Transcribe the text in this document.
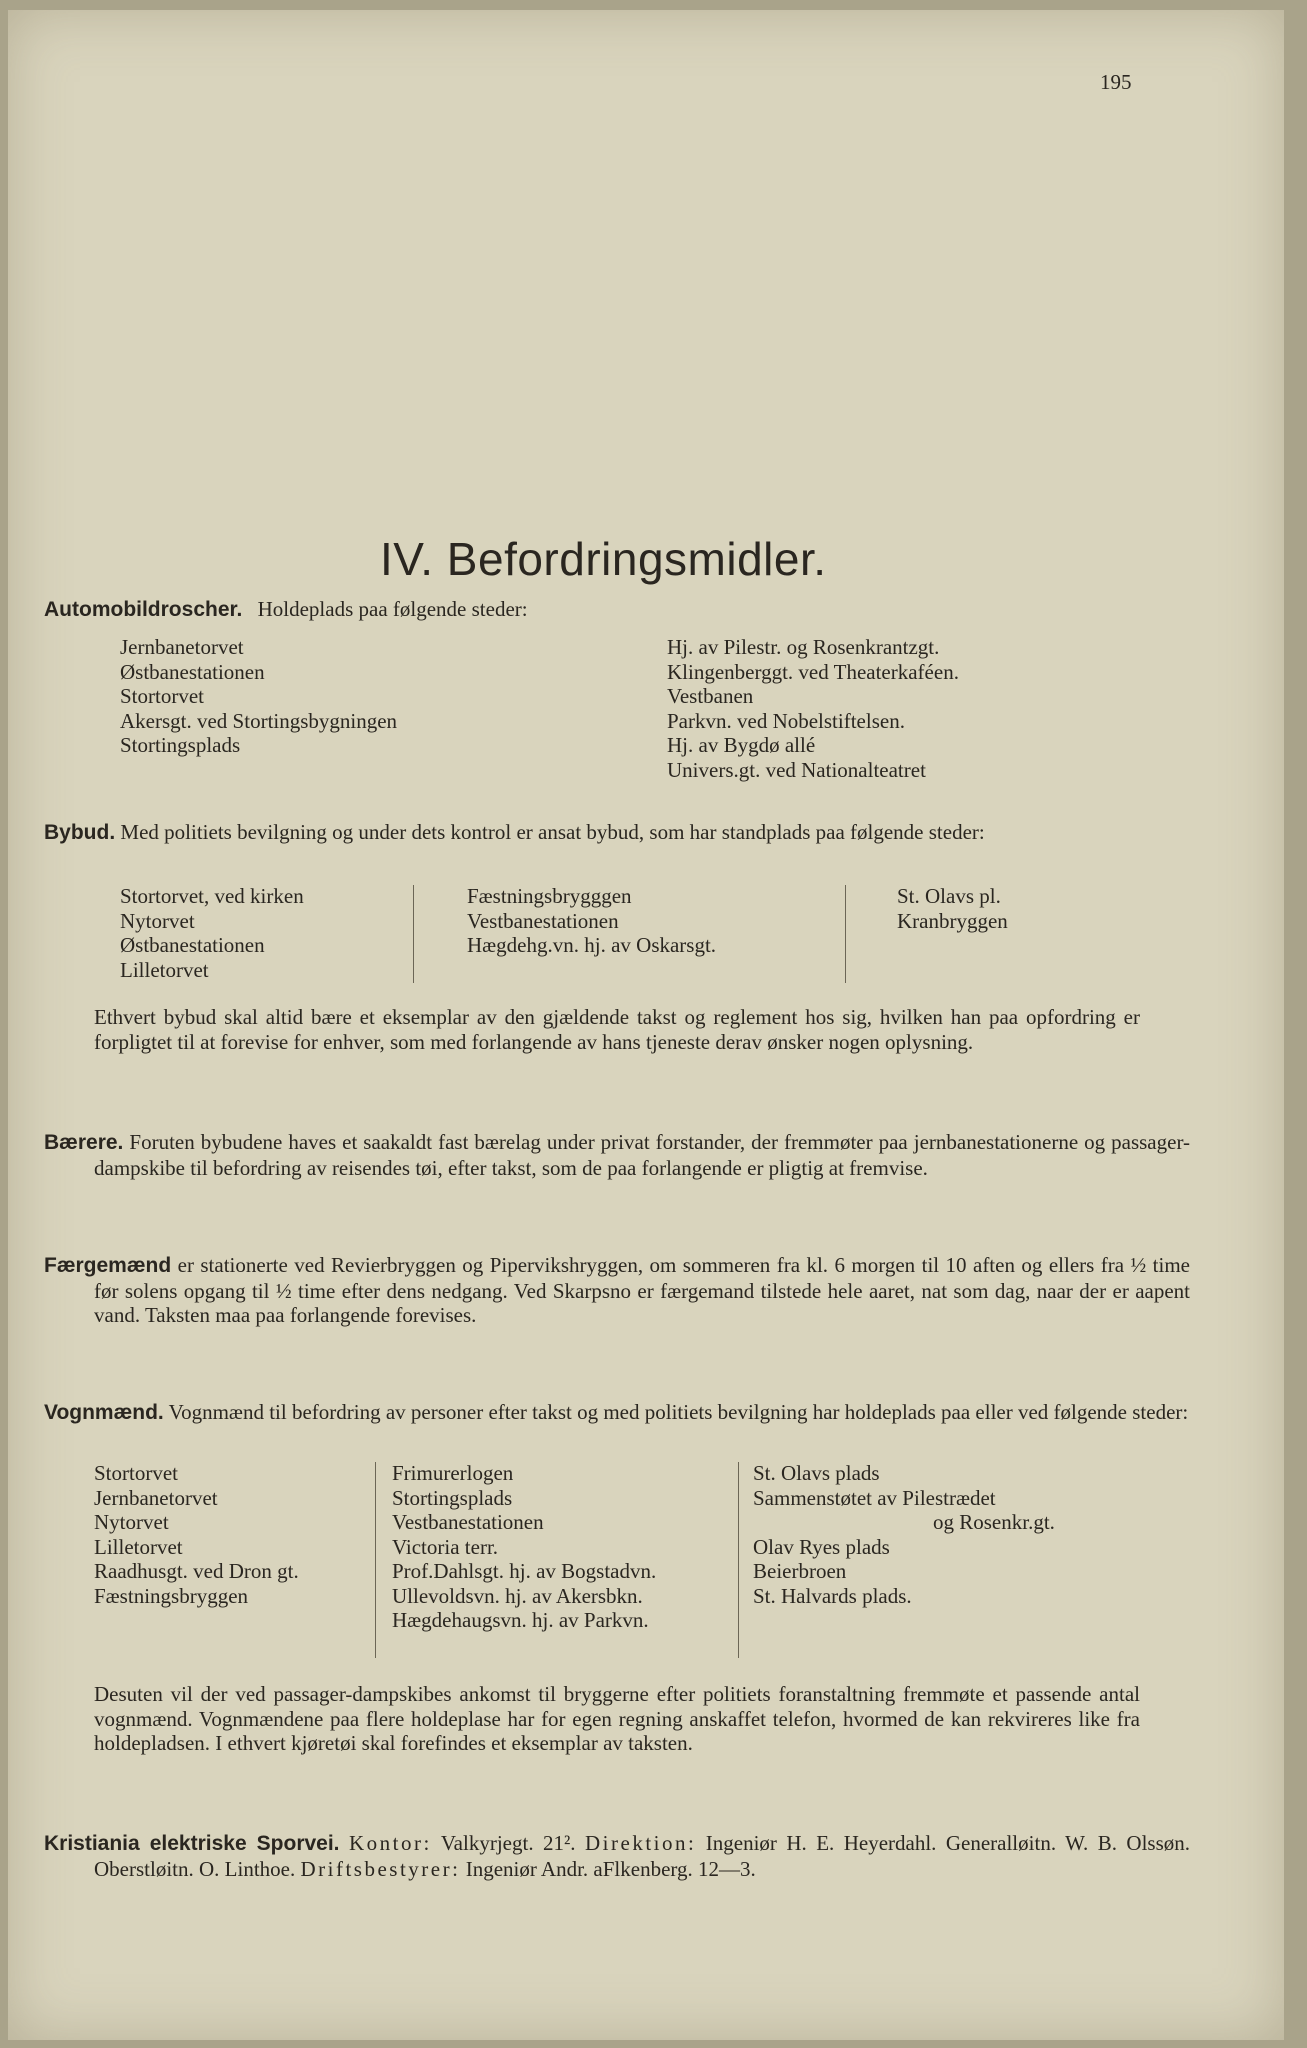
195
IV. Befordringsmidler.
Automobildroscher. Holdeplads paa følgende steder:
Jernbanetorvet
Østbanestationen
Stortorvet
Akersgt. ved Stortingsbygningen
Stortingsplads
Hj. av Pilestr. og Rosenkrantzgt.
Klingenberggt. ved Theaterkaféen.
Vestbanen
Parkvn. ved Nobelstiftelsen.
Hj. av Bygdø allé
Univers.gt. ved Nationalteatret
Bybud. Med politiets bevilgning og under dets kontrol er ansat bybud, som har standplads paa følgende steder:
Stortorvet, ved kirken
Nytorvet
Østbanestationen
Lilletorvet
Fæstningsbrygggen
Vestbanestationen
Hægdehg.vn. hj. av Oskarsgt.
St. Olavs pl.
Kranbryggen
Ethvert bybud skal altid bære et eksemplar av den gjældende takst og reglement hos sig, hvilken han paa opfordring er forpligtet til at forevise for enhver, som med forlangende av hans tjeneste derav ønsker nogen oplysning.
Bærere. Foruten bybudene haves et saakaldt fast bærelag under privat forstander, der fremmøter paa jernbanestationerne og passager-dampskibe til befordring av reisendes tøi, efter takst, som de paa forlangende er pligtig at fremvise.
Færgemænd er stationerte ved Revierbryggen og Pipervikshryggen, om sommeren fra kl. 6 morgen til 10 aften og ellers fra ½ time før solens opgang til ½ time efter dens nedgang. Ved Skarpsno er færgemand tilstede hele aaret, nat som dag, naar der er aapent vand. Taksten maa paa forlangende forevises.
Vognmænd. Vognmænd til befordring av personer efter takst og med politiets bevilgning har holdeplads paa eller ved følgende steder:
Stortorvet
Jernbanetorvet
Nytorvet
Lilletorvet
Raadhusgt. ved Dron gt.
Fæstningsbryggen
Frimurerlogen
Stortingsplads
Vestbanestationen
Victoria terr.
Prof.Dahlsgt. hj. av Bogstadvn.
Ullevoldsvn. hj. av Akersbkn.
Hægdehaugsvn. hj. av Parkvn.
St. Olavs plads
Sammenstøtet av Pilestrædet
og Rosenkr.gt.
Olav Ryes plads
Beierbroen
St. Halvards plads.
Desuten vil der ved passager-dampskibes ankomst til bryggerne efter politiets foranstaltning fremmøte et passende antal vognmænd. Vognmændene paa flere holdeplase har for egen regning anskaffet telefon, hvormed de kan rekvireres like fra holdepladsen. I ethvert kjøretøi skal forefindes et eksemplar av taksten.
Kristiania elektriske Sporvei. Kontor: Valkyrjegt. 21². Direktion: Ingeniør H. E. Heyerdahl. Generalløitn. W. B. Olssøn. Oberstløitn. O. Linthoe. Driftsbestyrer: Ingeniør Andr. aFlkenberg. 12—3.
